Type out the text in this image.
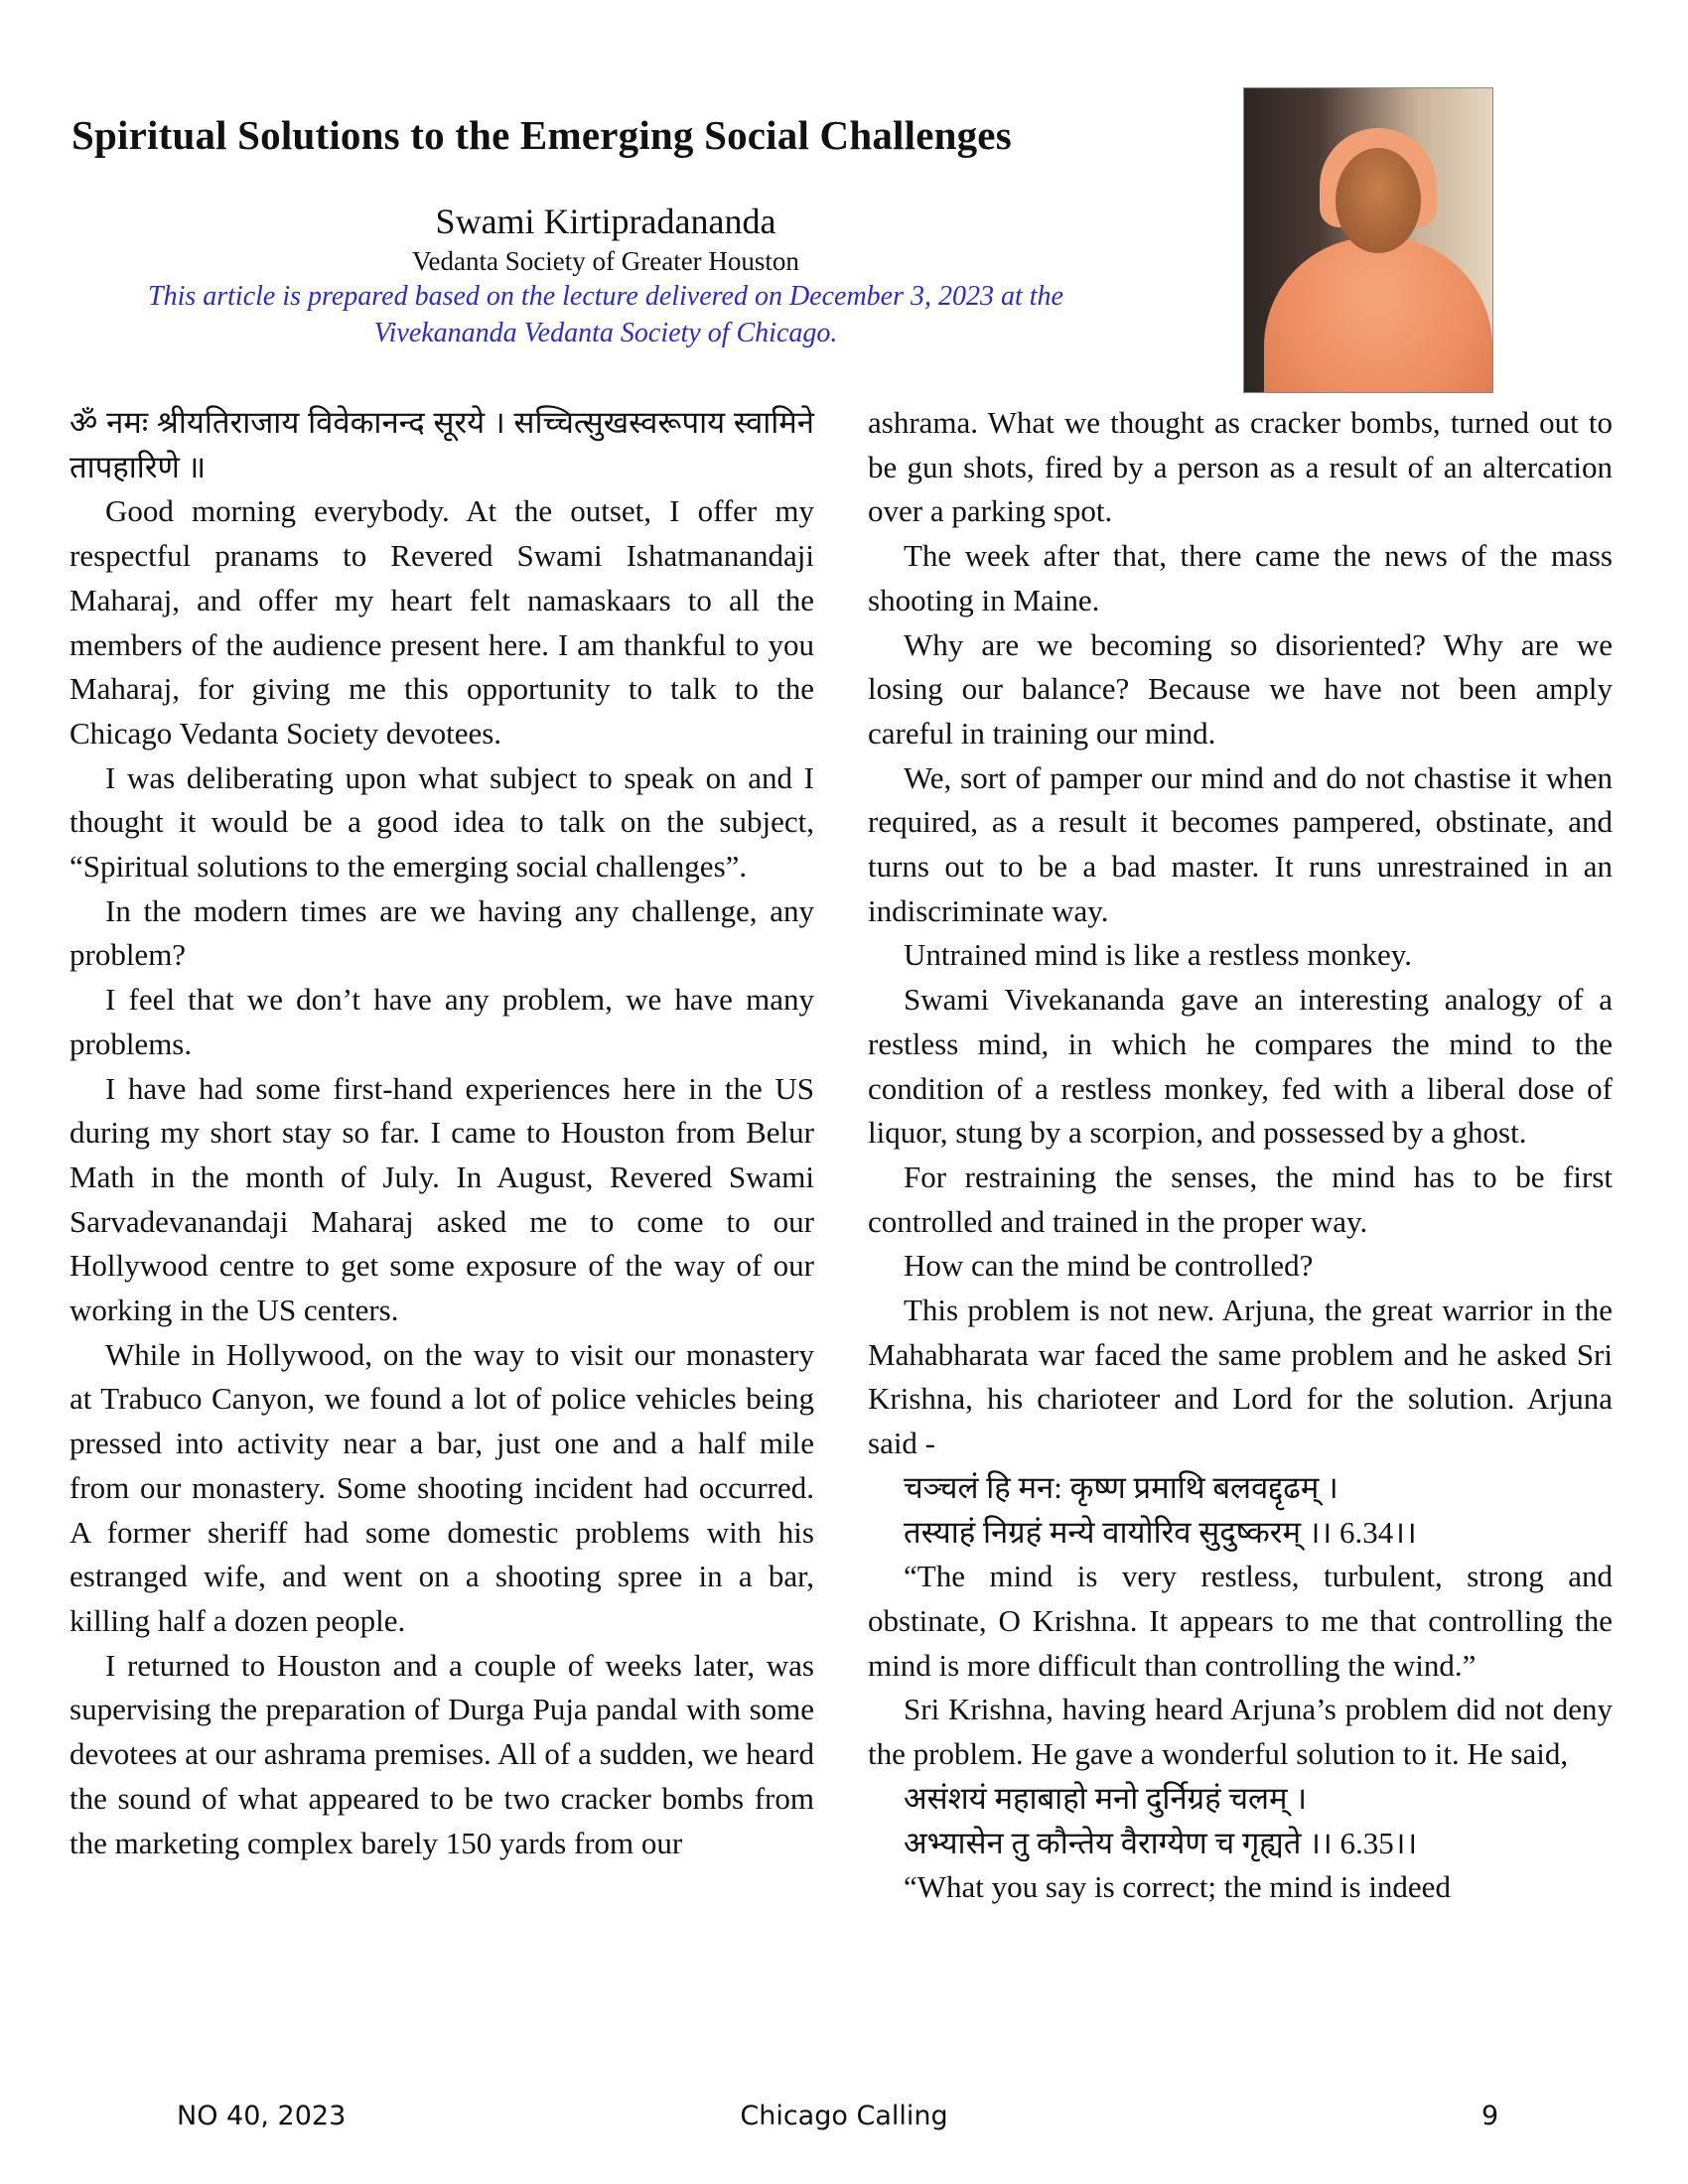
Spiritual Solutions to the Emerging Social Challenges
Swami Kirtipradananda
Vedanta Society of Greater Houston
This article is prepared based on the lecture delivered on December 3, 2023 at the
Vivekananda Vedanta Society of Chicago.

ॐ नमः श्रीयतिराजाय विवेकानन्द सूरये । सच्चित्सुखस्वरूपाय स्वामिने तापहारिणे ॥

Good morning everybody. At the outset, I offer my respectful pranams to Revered Swami Ishatmanandaji Maharaj, and offer my heart felt namaskaars to all the members of the audience present here. I am thankful to you Maharaj, for giving me this opportunity to talk to the Chicago Vedanta Society devotees.

I was deliberating upon what subject to speak on and I thought it would be a good idea to talk on the subject, “Spiritual solutions to the emerging social challenges”.

In the modern times are we having any challenge, any problem?

I feel that we don’t have any problem, we have many problems.

I have had some first-hand experiences here in the US during my short stay so far. I came to Houston from Belur Math in the month of July. In August, Revered Swami Sarvadevanandaji Maharaj asked me to come to our Hollywood centre to get some exposure of the way of our working in the US centers.

While in Hollywood, on the way to visit our monastery at Trabuco Canyon, we found a lot of police vehicles being pressed into activity near a bar, just one and a half mile from our monastery. Some shooting incident had occurred. A former sheriff had some domestic problems with his estranged wife, and went on a shooting spree in a bar, killing half a dozen people.

I returned to Houston and a couple of weeks later, was supervising the preparation of Durga Puja pandal with some devotees at our ashrama premises. All of a sudden, we heard the sound of what appeared to be two cracker bombs from the marketing complex barely 150 yards from our

ashrama. What we thought as cracker bombs, turned out to be gun shots, fired by a person as a result of an altercation over a parking spot.

The week after that, there came the news of the mass shooting in Maine.

Why are we becoming so disoriented? Why are we losing our balance? Because we have not been amply careful in training our mind.

We, sort of pamper our mind and do not chastise it when required, as a result it becomes pampered, obstinate, and turns out to be a bad master. It runs unrestrained in an indiscriminate way.

Untrained mind is like a restless monkey.

Swami Vivekananda gave an interesting analogy of a restless mind, in which he compares the mind to the condition of a restless monkey, fed with a liberal dose of liquor, stung by a scorpion, and possessed by a ghost.

For restraining the senses, the mind has to be first controlled and trained in the proper way.

How can the mind be controlled?

This problem is not new. Arjuna, the great warrior in the Mahabharata war faced the same problem and he asked Sri Krishna, his charioteer and Lord for the solution. Arjuna said -

चञ्चलं हि मन: कृष्ण प्रमाथि बलवद्दृढम् ।

तस्याहं निग्रहं मन्ये वायोरिव सुदुष्करम् ।। 6.34।।

“The mind is very restless, turbulent, strong and obstinate, O Krishna. It appears to me that controlling the mind is more difficult than controlling the wind.”

Sri Krishna, having heard Arjuna’s problem did not deny the problem. He gave a wonderful solution to it. He said,

असंशयं महाबाहो मनो दुर्निग्रहं चलम् ।

अभ्यासेन तु कौन्तेय वैराग्येण च गृह्यते ।। 6.35।।

“What you say is correct; the mind is indeed

NO 40, 2023	Chicago Calling	9
